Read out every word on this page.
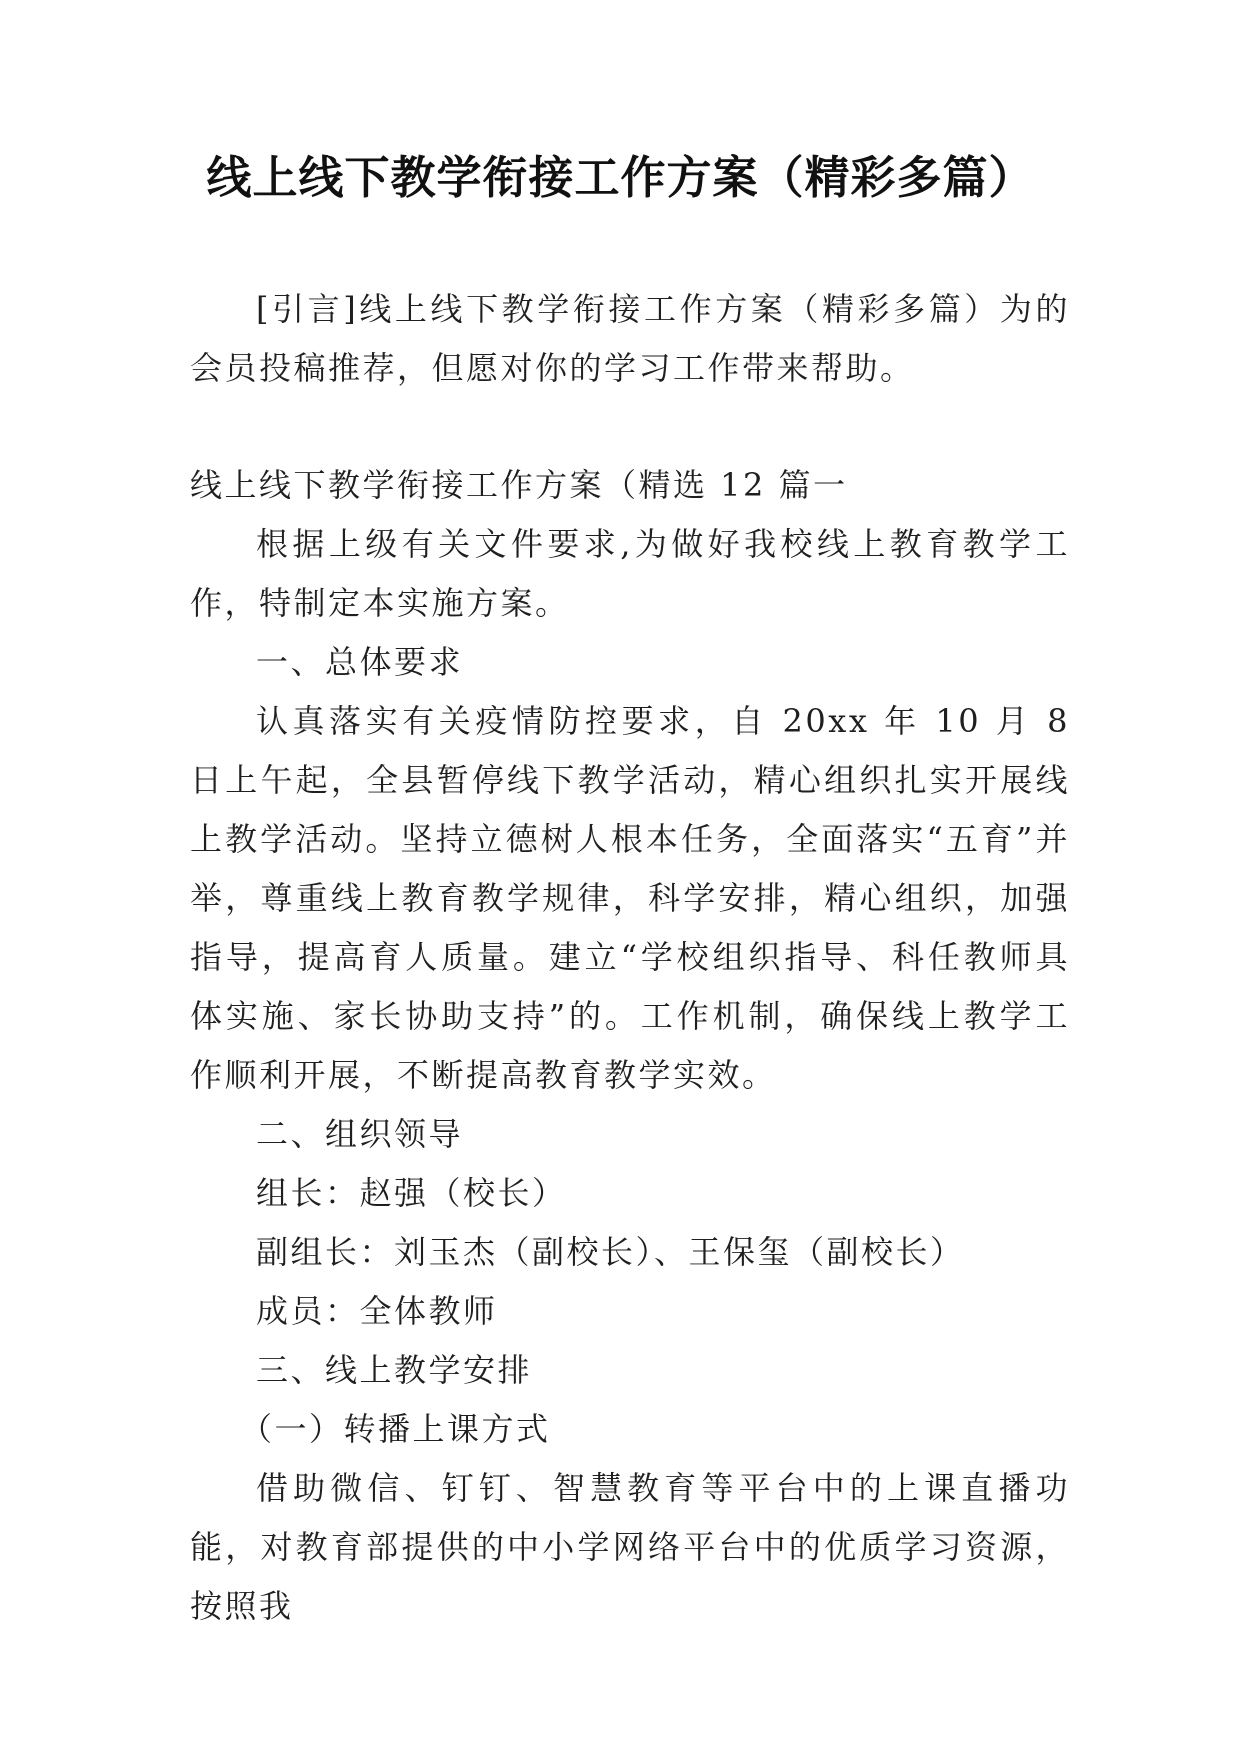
线上线下教学衔接工作方案（精彩多篇）

[引言]线上线下教学衔接工作方案（精彩多篇）为的会员投稿推荐，但愿对你的学习工作带来帮助。

线上线下教学衔接工作方案（精选 12 篇一

根据上级有关文件要求,为做好我校线上教育教学工作，特制定本实施方案。

一、总体要求

认真落实有关疫情防控要求，自 20xx 年 10 月 8 日上午起，全县暂停线下教学活动，精心组织扎实开展线上教学活动。坚持立德树人根本任务，全面落实“五育”并举，尊重线上教育教学规律，科学安排，精心组织，加强指导，提高育人质量。建立“学校组织指导、科任教师具体实施、家长协助支持”的。工作机制，确保线上教学工作顺利开展，不断提高教育教学实效。

二、组织领导

组长：赵强（校长）

副组长：刘玉杰（副校长）、王保玺（副校长）

成员：全体教师

三、线上教学安排

（一）转播上课方式

借助微信、钉钉、智慧教育等平台中的上课直播功能，对教育部提供的中小学网络平台中的优质学习资源，按照我
